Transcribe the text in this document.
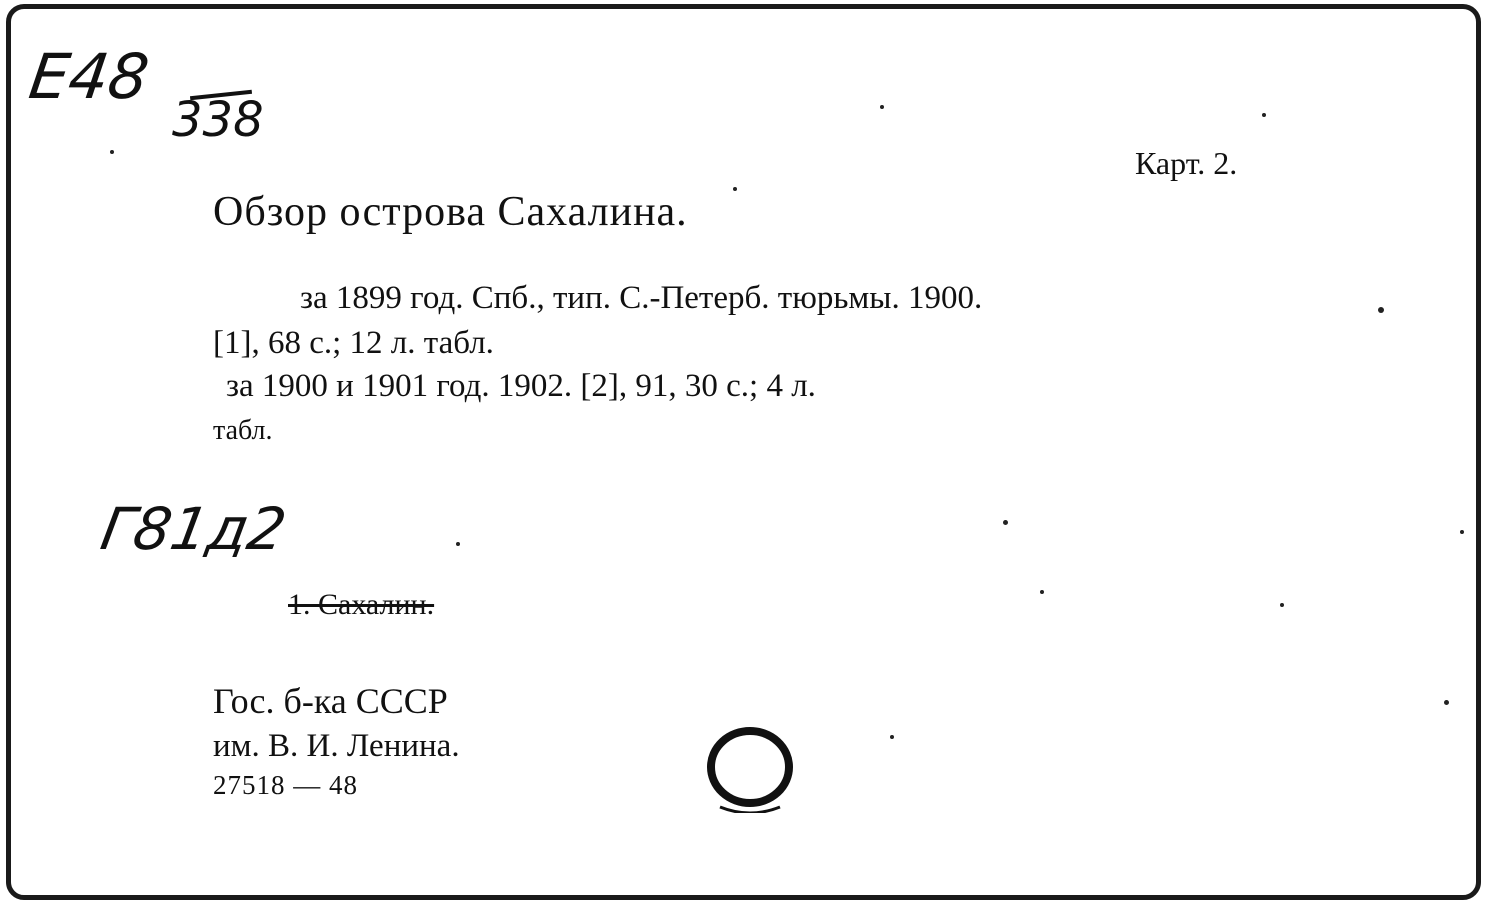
E48
338
Карт. 2.
Обзор острова Сахалина.
за 1899 год. Спб., тип. С.-Петерб. тюрьмы. 1900.
[1], 68 с.; 12 л. табл.
за 1900 и 1901 год. 1902. [2], 91, 30 с.; 4 л.
табл.
Г81д2
1. Сахалин.
Гос. б-ка СССР
им. В. И. Ленина.
27518 — 48
